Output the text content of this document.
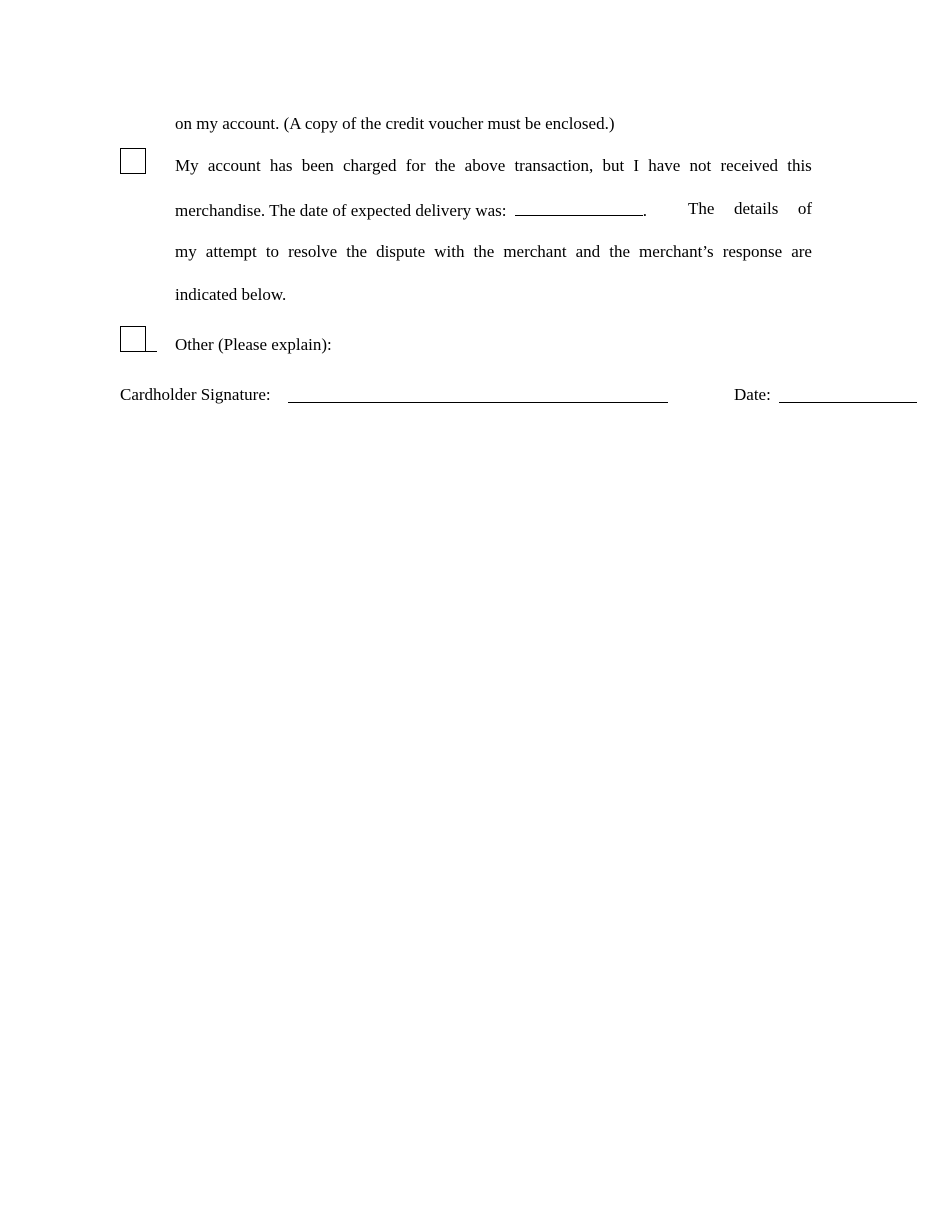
on my account. (A copy of the credit voucher must be enclosed.)
My account has been charged for the above transaction, but I have not received this
merchandise. The date of expected delivery was:	. The details of
my attempt to resolve the dispute with the merchant and the merchant’s response are
indicated below.
Other (Please explain):
Cardholder Signature:	Date:
